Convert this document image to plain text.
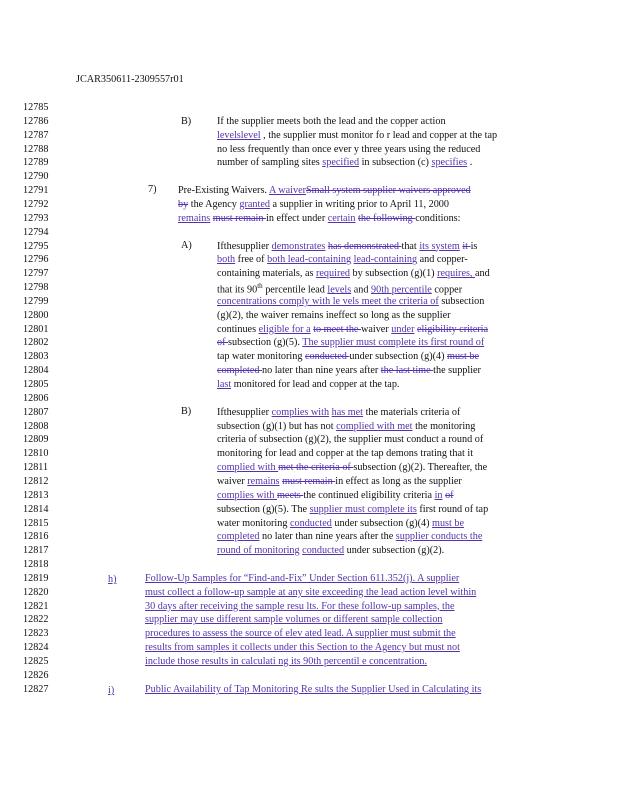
JCAR350611-2309557r01
12785
12786
12787
12788
12789
12790
12791
12792
12793
12794
12795
12796
12797
12798
12799
12800
12801
12802
12803
12804
12805
12806
12807
12808
12809
12810
12811
12812
12813
12814
12815
12816
12817
12818
12819
12820
12821
12822
12823
12824
12825
12826
12827
B)
7)
A)
B)
h)
i)
If the supplier meets both the lead and the copper action
levelslevel , the supplier must monitor fo r lead and copper at the tap
no less frequently than once ever y three years using the reduced
number of sampling sites specified in subsection (c) specifies .
Pre-Existing Waivers. A waiverSmall system supplier waivers approved
by the Agency granted a supplier in writing prior to April 11, 2000
remains must remain in effect under certain the following conditions:
Ifthesupplier demonstrates has demonstrated that its system it is
both free of both lead-containing lead-containing and copper-
containing materials, as required by subsection (g)(1) requires, and
that its 90th percentile lead levels and 90th percentile copper
concentrations comply with le vels meet the criteria of subsection
(g)(2), the waiver remains ineffect so long as the supplier
continues eligible for a to meet the waiver under eligibility criteria
of subsection (g)(5). The supplier must complete its first round of
tap water monitoring conducted under subsection (g)(4) must be
completed no later than nine years after the last time the supplier
last monitored for lead and copper at the tap.
Ifthesupplier complies with has met the materials criteria of
subsection (g)(1) but has not complied with met the monitoring
criteria of subsection (g)(2), the supplier must conduct a round of
monitoring for lead and copper at the tap demons trating that it
complied with met the criteria of subsection (g)(2). Thereafter, the
waiver remains must remain in effect as long as the supplier
complies with meets the continued eligibility criteria in of
subsection (g)(5). The supplier must complete its first round of tap
water monitoring conducted under subsection (g)(4) must be
completed no later than nine years after the supplier conducts the
round of monitoring conducted under subsection (g)(2).
Follow-Up Samples for “Find-and-Fix” Under Section 611.352(j). A supplier
must collect a follow-up sample at any site exceeding the lead action level within
30 days after receiving the sample resu lts. For these follow-up samples, the
supplier may use different sample volumes or different sample collection
procedures to assess the source of elev ated lead. A supplier must submit the
results from samples it collects under this Section to the Agency but must not
include those results in calculati ng its 90th percentil e concentration.
Public Availability of Tap Monitoring Re sults the Supplier Used in Calculating its
